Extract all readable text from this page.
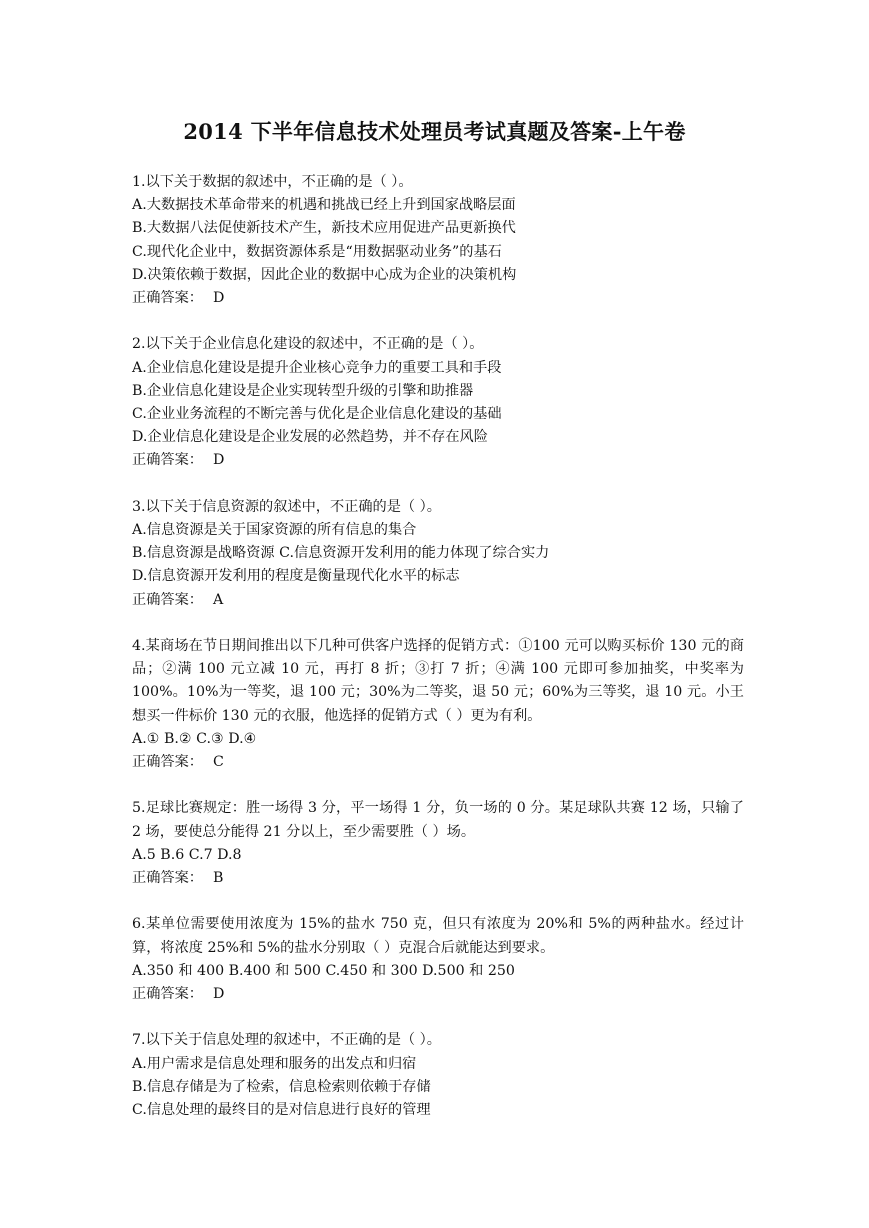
2014 下半年信息技术处理员考试真题及答案-上午卷
1.以下关于数据的叙述中，不正确的是（ ）。
A.大数据技术革命带来的机遇和挑战已经上升到国家战略层面
B.大数据八法促使新技术产生，新技术应用促进产品更新换代
C.现代化企业中，数据资源体系是“用数据驱动业务”的基石
D.决策依赖于数据，因此企业的数据中心成为企业的决策机构
正确答案： D
2.以下关于企业信息化建设的叙述中，不正确的是（ ）。
A.企业信息化建设是提升企业核心竞争力的重要工具和手段
B.企业信息化建设是企业实现转型升级的引擎和助推器
C.企业业务流程的不断完善与优化是企业信息化建设的基础
D.企业信息化建设是企业发展的必然趋势，并不存在风险
正确答案： D
3.以下关于信息资源的叙述中，不正确的是（ ）。
A.信息资源是关于国家资源的所有信息的集合
B.信息资源是战略资源 C.信息资源开发利用的能力体现了综合实力
D.信息资源开发利用的程度是衡量现代化水平的标志
正确答案： A
4.某商场在节日期间推出以下几种可供客户选择的促销方式：①100 元可以购买标价 130 元的商品；②满 100 元立减 10 元，再打 8 折；③打 7 折；④满 100 元即可参加抽奖，中奖率为 100%。10%为一等奖，退 100 元；30%为二等奖，退 50 元；60%为三等奖，退 10 元。小王想买一件标价 130 元的衣服，他选择的促销方式（ ）更为有利。
A.① B.② C.③ D.④
正确答案： C
5.足球比赛规定：胜一场得 3 分，平一场得 1 分，负一场的 0 分。某足球队共赛 12 场，只输了 2 场，要使总分能得 21 分以上，至少需要胜（ ）场。
A.5 B.6 C.7 D.8
正确答案： B
6.某单位需要使用浓度为 15%的盐水 750 克，但只有浓度为 20%和 5%的两种盐水。经过计算，将浓度 25%和 5%的盐水分别取（ ）克混合后就能达到要求。
A.350 和 400 B.400 和 500 C.450 和 300 D.500 和 250
正确答案： D
7.以下关于信息处理的叙述中，不正确的是（ ）。
A.用户需求是信息处理和服务的出发点和归宿
B.信息存储是为了检索，信息检索则依赖于存储
C.信息处理的最终目的是对信息进行良好的管理
